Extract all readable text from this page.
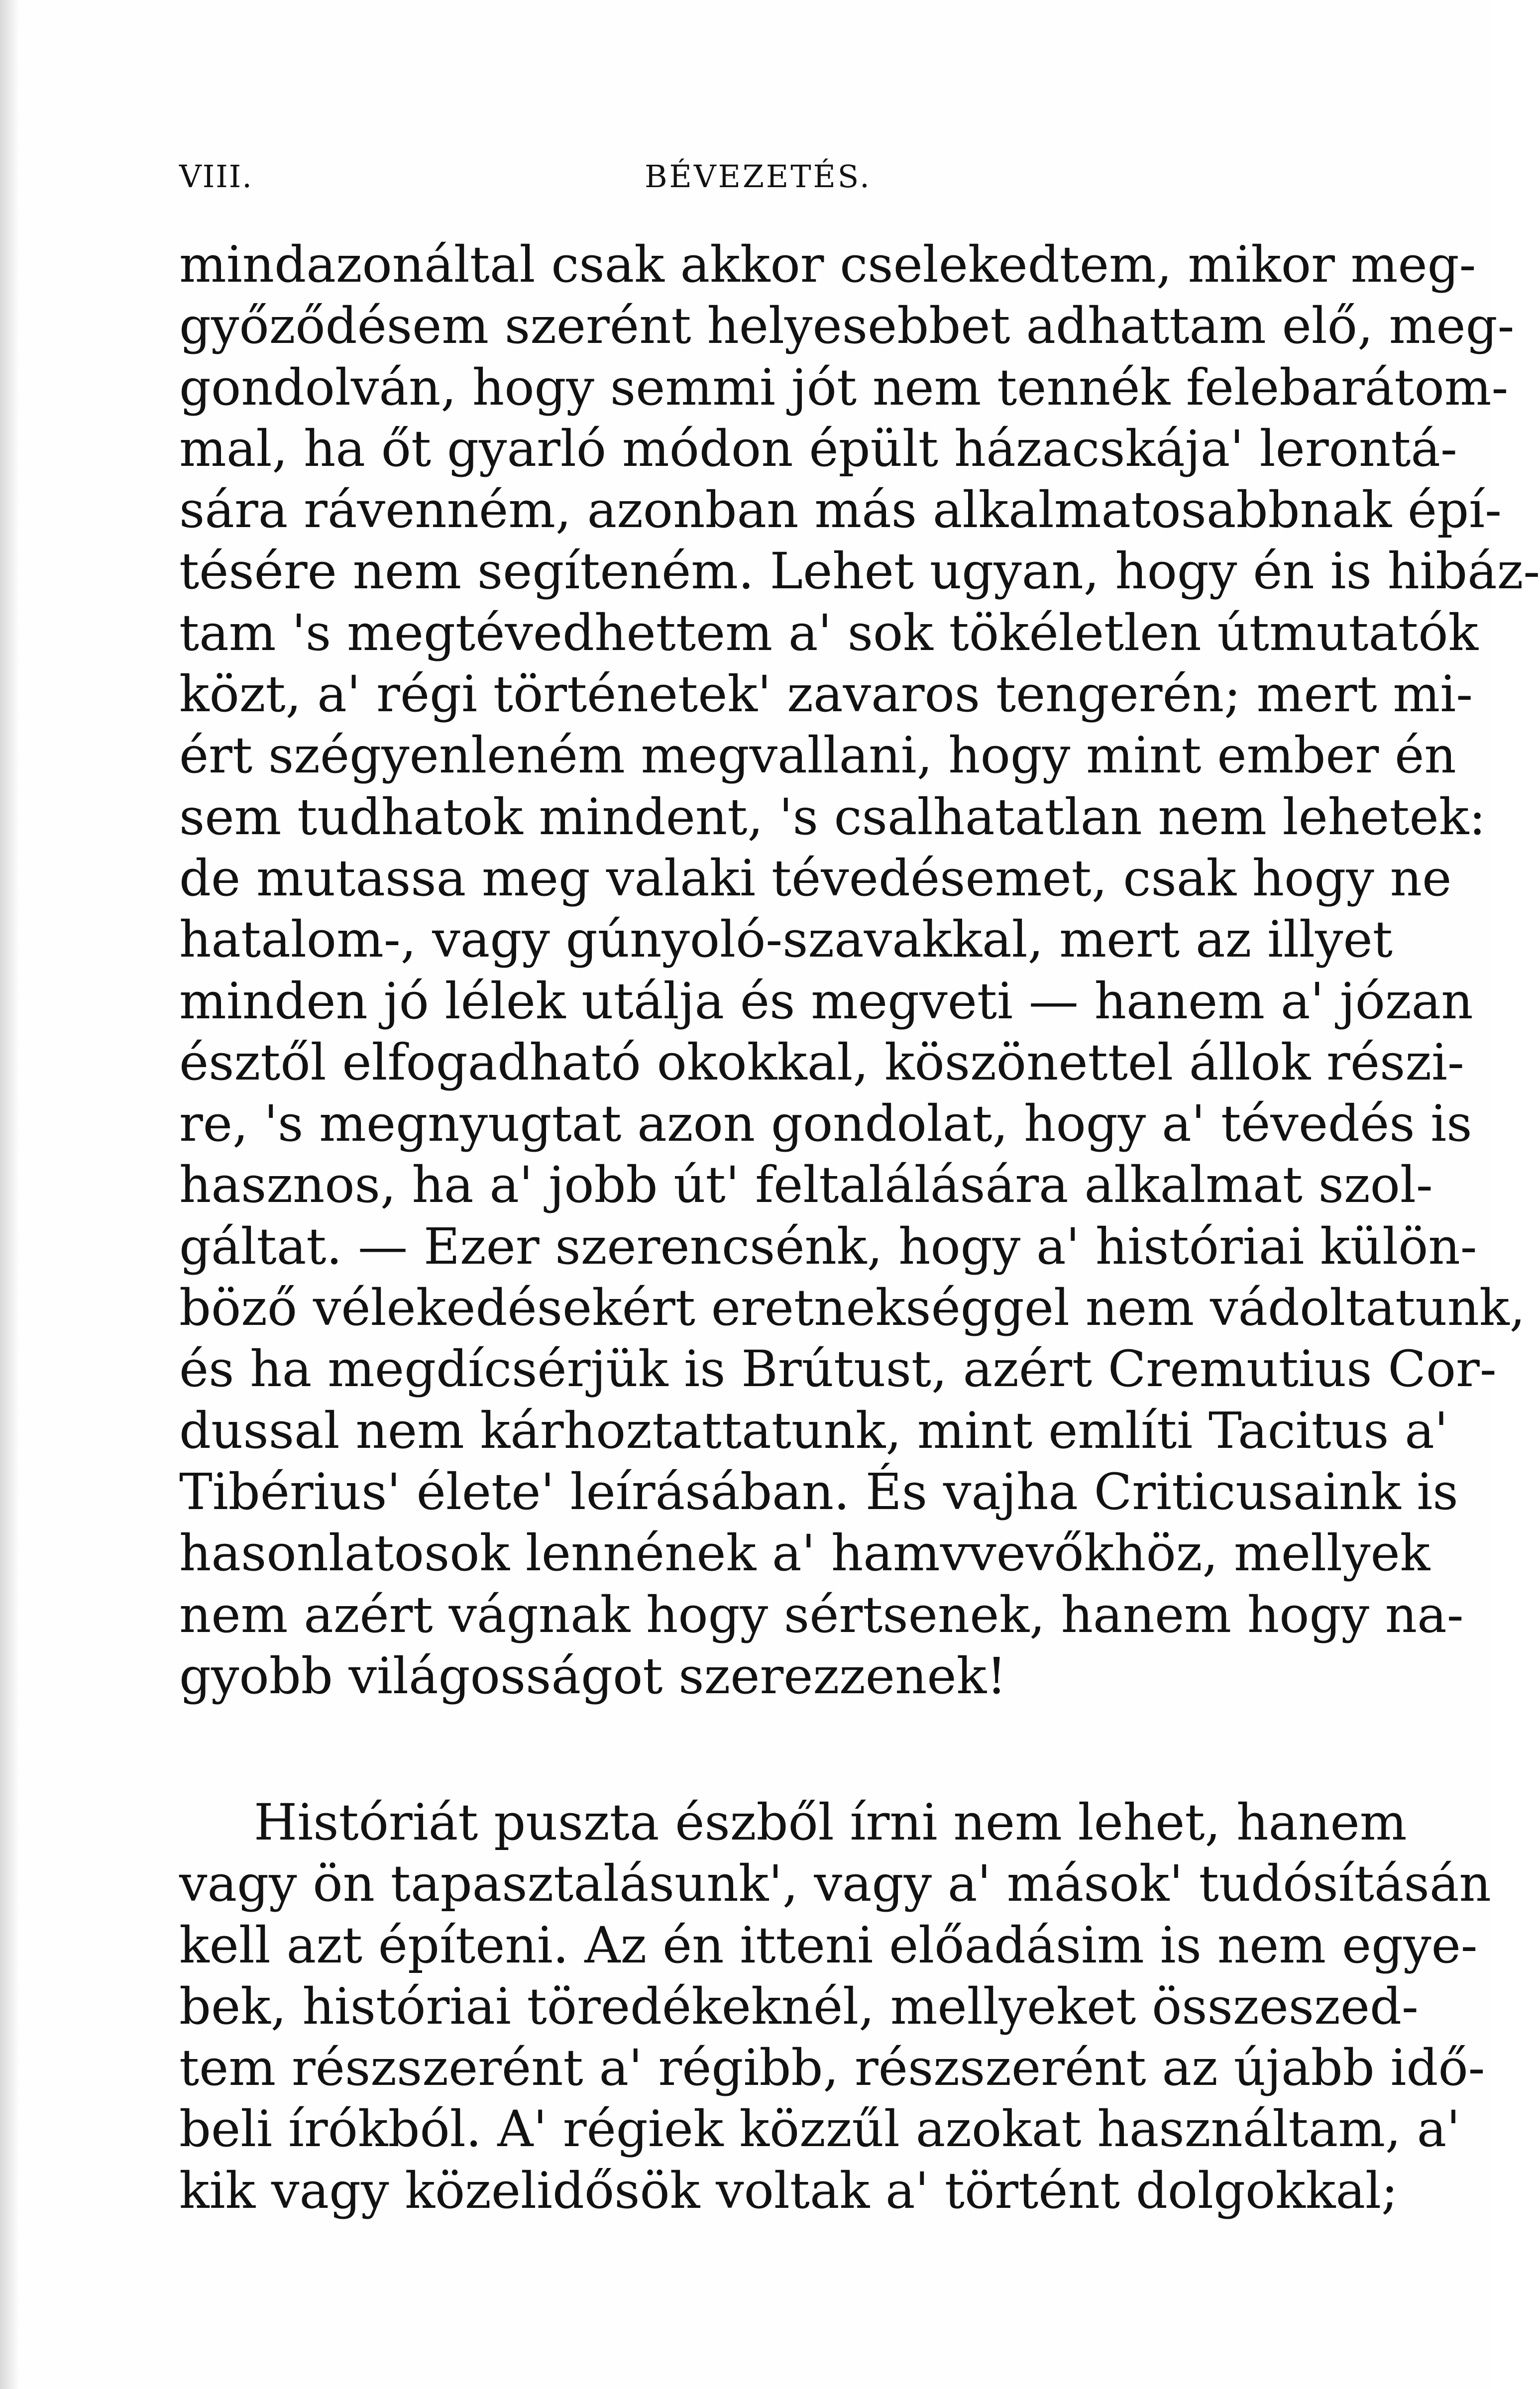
VIII.	BÉVEZETÉS.
mindazonáltal csak akkor cselekedtem, mikor meg-
győződésem szerént helyesebbet adhattam elő, meg-
gondolván, hogy semmi jót nem tennék felebarátom-
mal, ha őt gyarló módon épült házacskája' lerontá-
sára rávenném, azonban más alkalmatosabbnak épí-
tésére nem segíteném. Lehet ugyan, hogy én is hibáz-
tam 's megtévedhettem a' sok tökéletlen útmutatók
közt, a' régi történetek' zavaros tengerén; mert mi-
ért szégyenleném megvallani, hogy mint ember én
sem tudhatok mindent, 's csalhatatlan nem lehetek:
de mutassa meg valaki tévedésemet, csak hogy ne
hatalom-, vagy gúnyoló-szavakkal, mert az illyet
minden jó lélek utálja és megveti — hanem a' józan
észtől elfogadható okokkal, köszönettel állok részi-
re, 's megnyugtat azon gondolat, hogy a' tévedés is
hasznos, ha a' jobb út' feltalálására alkalmat szol-
gáltat. — Ezer szerencsénk, hogy a' históriai külön-
böző vélekedésekért eretnekséggel nem vádoltatunk,
és ha megdícsérjük is Brútust, azért Cremutius Cor-
dussal nem kárhoztattatunk, mint említi Tacitus a'
Tibérius' élete' leírásában. És vajha Criticusaink is
hasonlatosok lennének a' hamvvevőkhöz, mellyek
nem azért vágnak hogy sértsenek, hanem hogy na-
gyobb világosságot szerezzenek!
Históriát puszta észből írni nem lehet, hanem
vagy ön tapasztalásunk', vagy a' mások' tudósításán
kell azt építeni. Az én itteni előadásim is nem egye-
bek, históriai töredékeknél, mellyeket összeszed-
tem részszerént a' régibb, részszerént az újabb idő-
beli írókból. A' régiek közzűl azokat használtam, a'
kik vagy közelidősök voltak a' történt dolgokkal;
